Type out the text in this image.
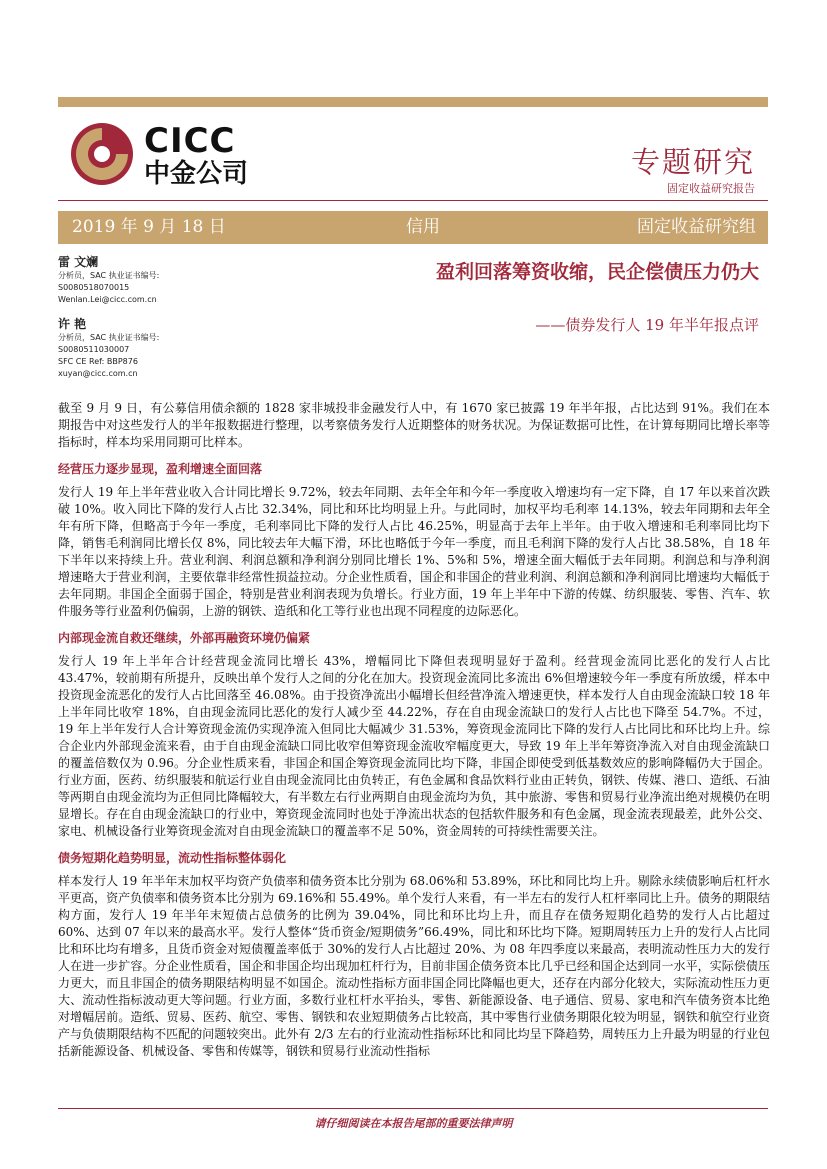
CICC
中金公司	专题研究
固定收益研究报告
2019 年 9 月 18 日	信用	固定收益研究组
雷 文斓
分析员，SAC 执业证书编号:
S0080518070015
Wenlan.Lei@cicc.com.cn
许 艳
分析员，SAC 执业证书编号:
S0080511030007
SFC CE Ref: BBP876
xuyan@cicc.com.cn
盈利回落筹资收缩，民企偿债压力仍大
——债券发行人 19 年半年报点评

截至 9 月 9 日，有公募信用债余额的 1828 家非城投非金融发行人中，有 1670 家已披露 19 年半年报，占比达到 91%。我们在本期报告中对这些发行人的半年报数据进行整理，以考察债务发行人近期整体的财务状况。为保证数据可比性，在计算每期同比增长率等指标时，样本均采用同期可比样本。

经营压力逐步显现，盈利增速全面回落

发行人 19 年上半年营业收入合计同比增长 9.72%，较去年同期、去年全年和今年一季度收入增速均有一定下降，自 17 年以来首次跌破 10%。收入同比下降的发行人占比 32.34%，同比和环比均明显上升。与此同时，加权平均毛利率 14.13%，较去年同期和去年全年有所下降，但略高于今年一季度，毛利率同比下降的发行人占比 46.25%，明显高于去年上半年。由于收入增速和毛利率同比均下降，销售毛利润同比增长仅 8%，同比较去年大幅下滑，环比也略低于今年一季度，而且毛利润下降的发行人占比 38.58%，自 18 年下半年以来持续上升。营业利润、利润总额和净利润分别同比增长 1%、5%和 5%，增速全面大幅低于去年同期。利润总和与净利润增速略大于营业利润，主要依靠非经常性损益拉动。分企业性质看，国企和非国企的营业利润、利润总额和净利润同比增速均大幅低于去年同期。非国企全面弱于国企，特别是营业利润表现为负增长。行业方面，19 年上半年中下游的传媒、纺织服装、零售、汽车、软件服务等行业盈利仍偏弱，上游的钢铁、造纸和化工等行业也出现不同程度的边际恶化。

内部现金流自救还继续，外部再融资环境仍偏紧

发行人 19 年上半年合计经营现金流同比增长 43%，增幅同比下降但表现明显好于盈利。经营现金流同比恶化的发行人占比 43.47%，较前期有所提升，反映出单个发行人之间的分化在加大。投资现金流同比多流出 6%但增速较今年一季度有所放缓，样本中投资现金流恶化的发行人占比回落至 46.08%。由于投资净流出小幅增长但经营净流入增速更快，样本发行人自由现金流缺口较 18 年上半年同比收窄 18%，自由现金流同比恶化的发行人减少至 44.22%，存在自由现金流缺口的发行人占比也下降至 54.7%。不过，19 年上半年发行人合计筹资现金流仍实现净流入但同比大幅减少 31.53%，筹资现金流同比下降的发行人占比同比和环比均上升。综合企业内外部现金流来看，由于自由现金流缺口同比收窄但筹资现金流收窄幅度更大，导致 19 年上半年筹资净流入对自由现金流缺口的覆盖倍数仅为 0.96。分企业性质来看，非国企和国企筹资现金流同比均下降，非国企即使受到低基数效应的影响降幅仍大于国企。行业方面，医药、纺织服装和航运行业自由现金流同比由负转正，有色金属和食品饮料行业由正转负，钢铁、传媒、港口、造纸、石油等两期自由现金流均为正但同比降幅较大，有半数左右行业两期自由现金流均为负，其中旅游、零售和贸易行业净流出绝对规模仍在明显增长。存在自由现金流缺口的行业中，筹资现金流同时也处于净流出状态的包括软件服务和有色金属，现金流表现最差，此外公交、家电、机械设备行业筹资现金流对自由现金流缺口的覆盖率不足 50%，资金周转的可持续性需要关注。

债务短期化趋势明显，流动性指标整体弱化

样本发行人 19 年半年末加权平均资产负债率和债务资本比分别为 68.06%和 53.89%，环比和同比均上升。剔除永续债影响后杠杆水平更高，资产负债率和债务资本比分别为 69.16%和 55.49%。单个发行人来看，有一半左右的发行人杠杆率同比上升。债务的期限结构方面，发行人 19 年半年末短债占总债务的比例为 39.04%，同比和环比均上升，而且存在债务短期化趋势的发行人占比超过 60%、达到 07 年以来的最高水平。发行人整体“货币资金/短期债务”66.49%，同比和环比均下降。短期周转压力上升的发行人占比同比和环比均有增多，且货币资金对短债覆盖率低于 30%的发行人占比超过 20%、为 08 年四季度以来最高，表明流动性压力大的发行人在进一步扩容。分企业性质看，国企和非国企均出现加杠杆行为，目前非国企债务资本比几乎已经和国企达到同一水平，实际偿债压力更大，而且非国企的债务期限结构明显不如国企。流动性指标方面非国企同比降幅也更大，还存在内部分化较大，实际流动性压力更大、流动性指标波动更大等问题。行业方面，多数行业杠杆水平抬头，零售、新能源设备、电子通信、贸易、家电和汽车债务资本比绝对增幅居前。造纸、贸易、医药、航空、零售、钢铁和农业短期债务占比较高，其中零售行业债务期限化较为明显，钢铁和航空行业资产与负债期限结构不匹配的问题较突出。此外有 2/3 左右的行业流动性指标环比和同比均呈下降趋势，周转压力上升最为明显的行业包括新能源设备、机械设备、零售和传媒等，钢铁和贸易行业流动性指标

请仔细阅读在本报告尾部的重要法律声明
